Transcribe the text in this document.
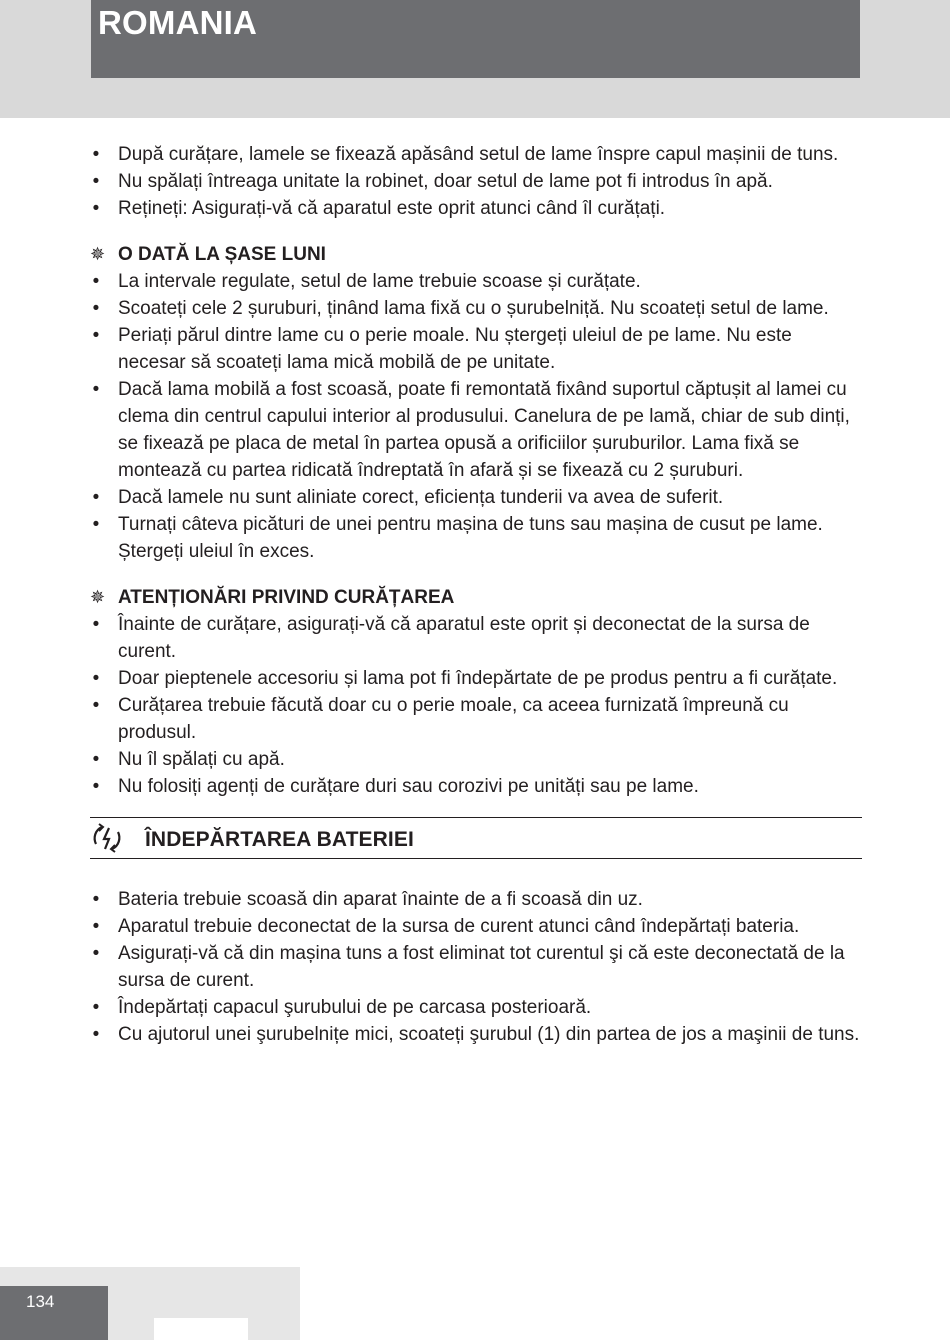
ROMANIA
• După curățare, lamele se fixează apăsând setul de lame înspre capul mașinii de tuns.
• Nu spălați întreaga unitate la robinet, doar setul de lame pot fi introdus în apă.
• Rețineți: Asigurați-vă că aparatul este oprit atunci când îl curățați.
✵ O DATĂ LA ȘASE LUNI
• La intervale regulate, setul de lame trebuie scoase și curățate.
• Scoateți cele 2 șuruburi, ținând lama fixă cu o șurubelniță. Nu scoateți setul de lame.
• Periați părul dintre lame cu o perie moale. Nu ștergeți uleiul de pe lame. Nu este necesar să scoateți lama mică mobilă de pe unitate.
• Dacă lama mobilă a fost scoasă, poate fi remontată fixând suportul căptușit al lamei cu clema din centrul capului interior al produsului. Canelura de pe lamă, chiar de sub dinți, se fixează pe placa de metal în partea opusă a orificiilor șuruburilor. Lama fixă se montează cu partea ridicată îndreptată în afară și se fixează cu 2 șuruburi.
• Dacă lamele nu sunt aliniate corect, eficiența tunderii va avea de suferit.
• Turnați câteva picături de unei pentru mașina de tuns sau mașina de cusut pe lame. Ștergeți uleiul în exces.
✵ ATENȚIONĂRI PRIVIND CURĂȚAREA
• Înainte de curățare, asigurați-vă că aparatul este oprit și deconectat de la sursa de curent.
• Doar pieptenele accesoriu și lama pot fi îndepărtate de pe produs pentru a fi curățate.
• Curățarea trebuie făcută doar cu o perie moale, ca aceea furnizată împreună cu produsul.
• Nu îl spălați cu apă.
• Nu folosiți agenți de curățare duri sau corozivi pe unități sau pe lame.
ÎNDEPĂRTAREA BATERIEI
• Bateria trebuie scoasă din aparat înainte de a fi scoasă din uz.
• Aparatul trebuie deconectat de la sursa de curent atunci când îndepărtați bateria.
• Asigurați-vă că din mașina tuns a fost eliminat tot curentul şi că este deconectată de la sursa de curent.
• Îndepărtați capacul şurubului de pe carcasa posterioară.
• Cu ajutorul unei şurubelnițe mici, scoateți şurubul (1) din partea de jos a maşinii de tuns.
134
